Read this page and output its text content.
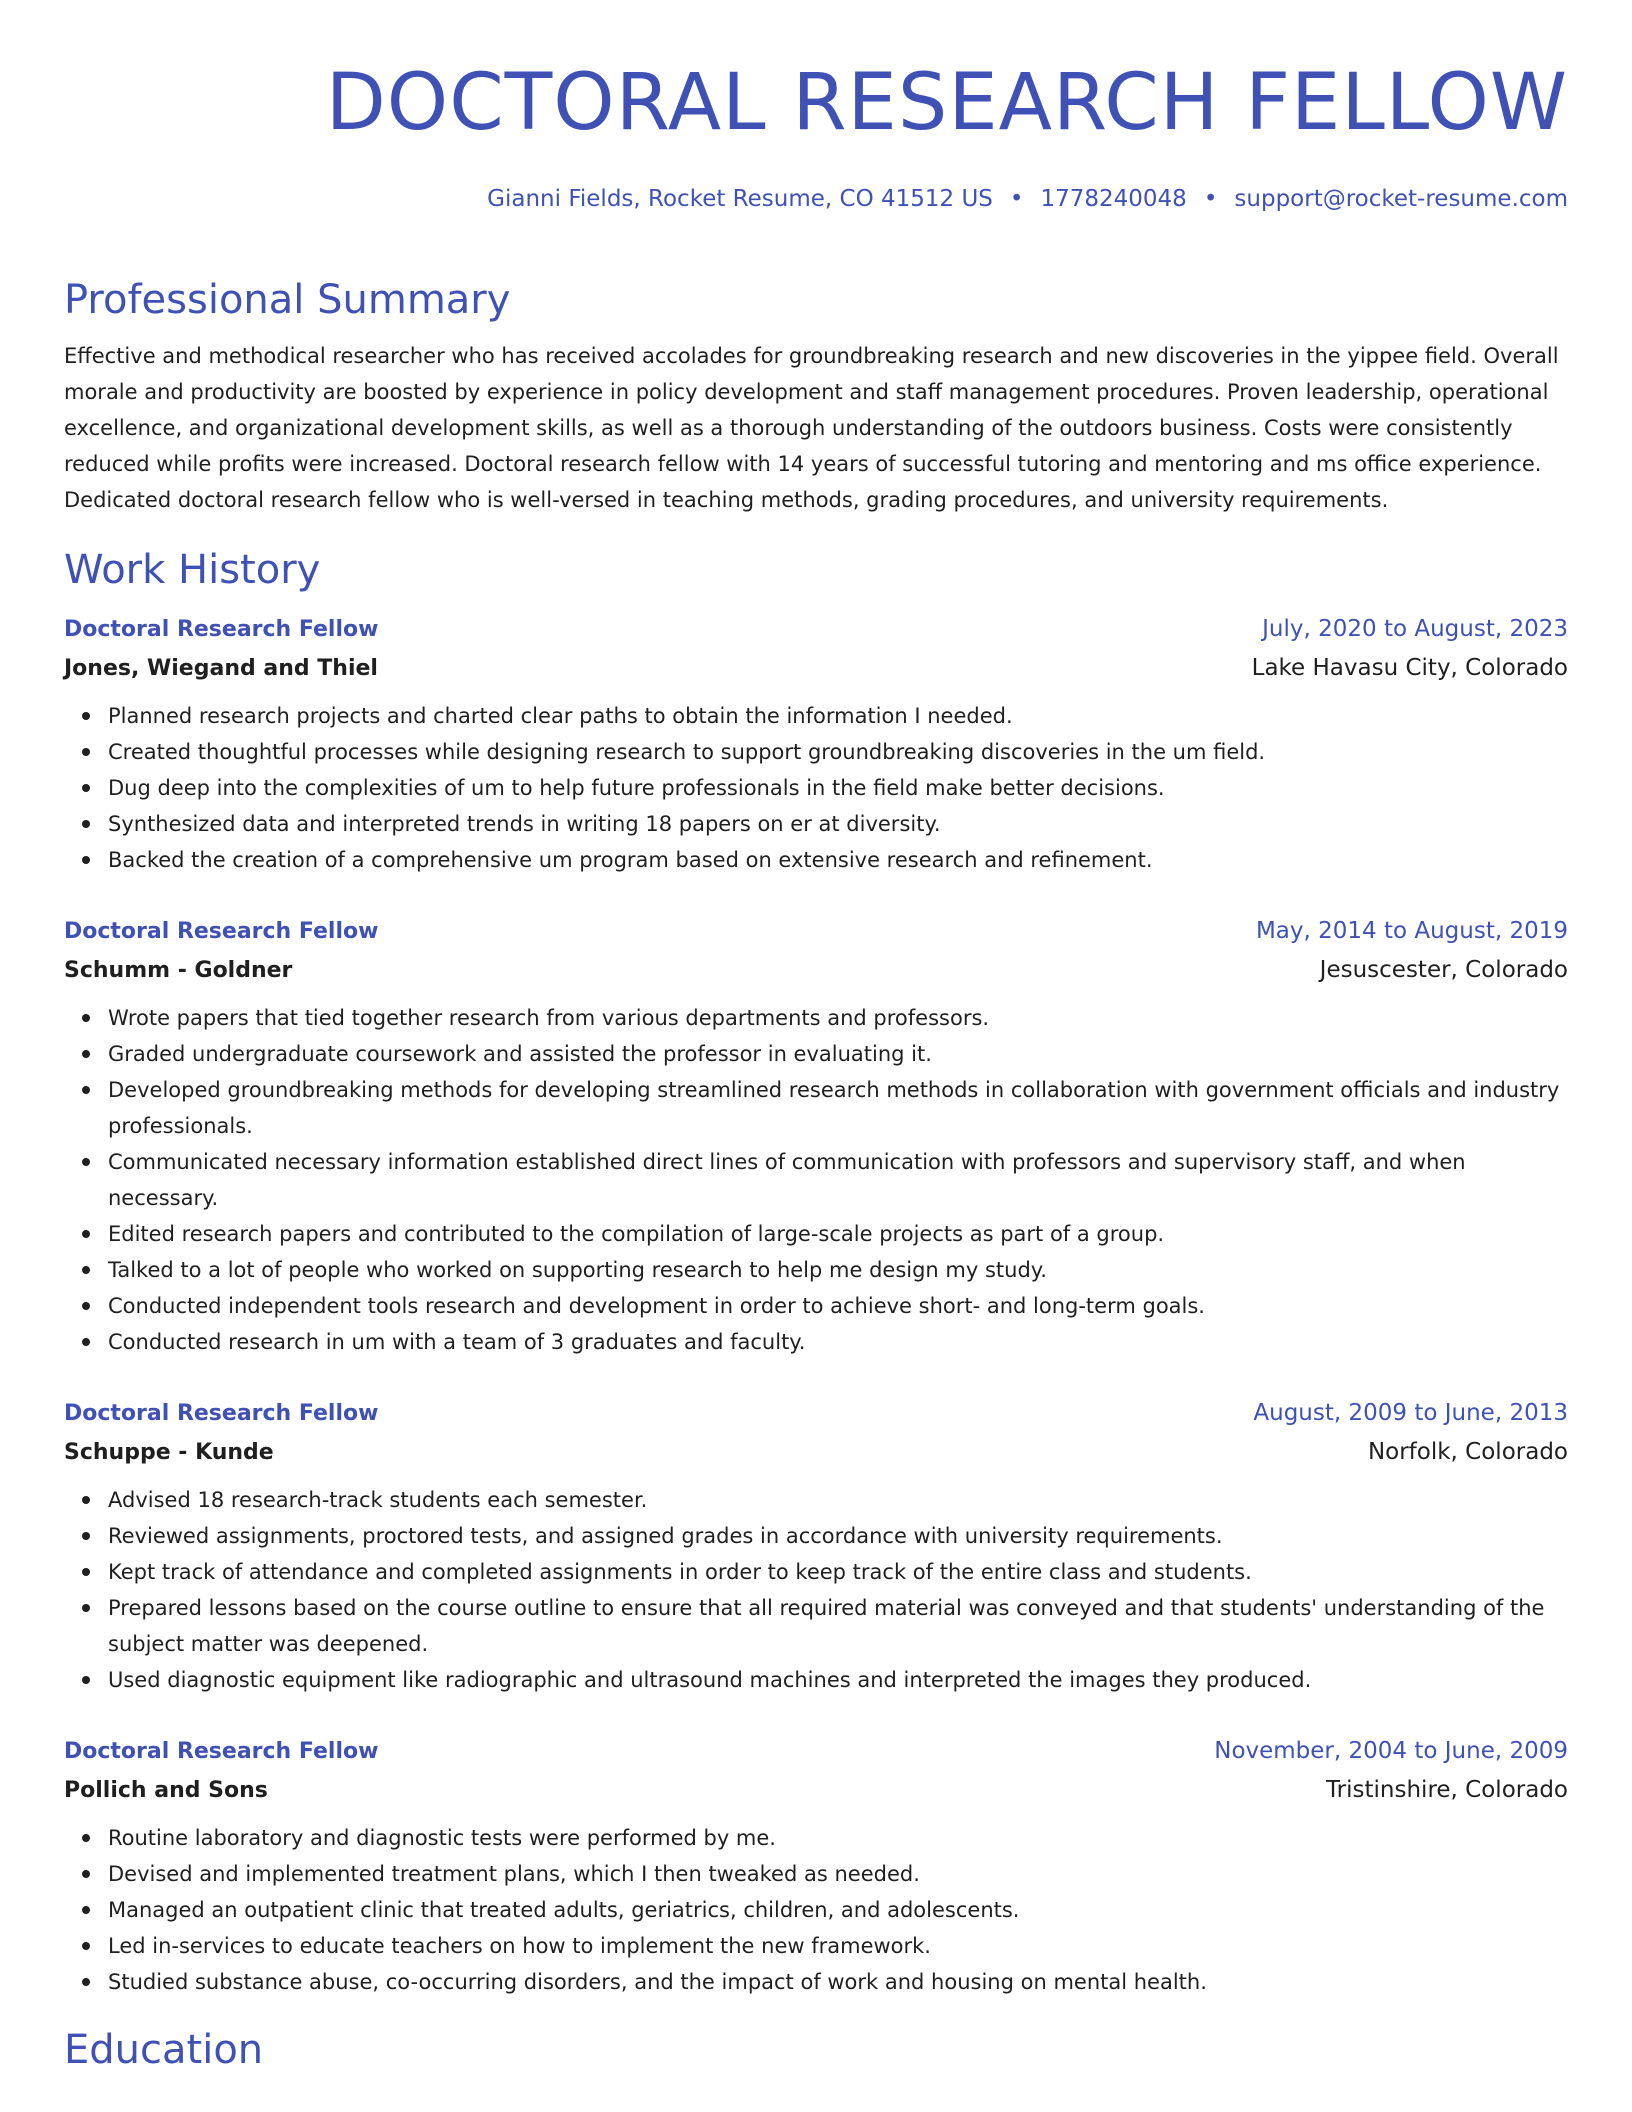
DOCTORAL RESEARCH FELLOW
Gianni Fields, Rocket Resume, CO 41512 US • 1778240048 • support@rocket-resume.com
Professional Summary

Effective and methodical researcher who has received accolades for groundbreaking research and new discoveries in the yippee field. Overall morale and productivity are boosted by experience in policy development and staff management procedures. Proven leadership, operational excellence, and organizational development skills, as well as a thorough understanding of the outdoors business. Costs were consistently reduced while profits were increased. Doctoral research fellow with 14 years of successful tutoring and mentoring and ms office experience. Dedicated doctoral research fellow who is well-versed in teaching methods, grading procedures, and university requirements.

Work History
Doctoral Research Fellow	July, 2020 to August, 2023
Jones, Wiegand and Thiel	Lake Havasu City, Colorado
Planned research projects and charted clear paths to obtain the information I needed.
Created thoughtful processes while designing research to support groundbreaking discoveries in the um field.
Dug deep into the complexities of um to help future professionals in the field make better decisions.
Synthesized data and interpreted trends in writing 18 papers on er at diversity.
Backed the creation of a comprehensive um program based on extensive research and refinement.
Doctoral Research Fellow	May, 2014 to August, 2019
Schumm - Goldner	Jesuscester, Colorado
Wrote papers that tied together research from various departments and professors.
Graded undergraduate coursework and assisted the professor in evaluating it.
Developed groundbreaking methods for developing streamlined research methods in collaboration with government officials and industry professionals.
Communicated necessary information established direct lines of communication with professors and supervisory staff, and when necessary.
Edited research papers and contributed to the compilation of large-scale projects as part of a group.
Talked to a lot of people who worked on supporting research to help me design my study.
Conducted independent tools research and development in order to achieve short- and long-term goals.
Conducted research in um with a team of 3 graduates and faculty.
Doctoral Research Fellow	August, 2009 to June, 2013
Schuppe - Kunde	Norfolk, Colorado
Advised 18 research-track students each semester.
Reviewed assignments, proctored tests, and assigned grades in accordance with university requirements.
Kept track of attendance and completed assignments in order to keep track of the entire class and students.
Prepared lessons based on the course outline to ensure that all required material was conveyed and that students' understanding of the subject matter was deepened.
Used diagnostic equipment like radiographic and ultrasound machines and interpreted the images they produced.
Doctoral Research Fellow	November, 2004 to June, 2009
Pollich and Sons	Tristinshire, Colorado
Routine laboratory and diagnostic tests were performed by me.
Devised and implemented treatment plans, which I then tweaked as needed.
Managed an outpatient clinic that treated adults, geriatrics, children, and adolescents.
Led in-services to educate teachers on how to implement the new framework.
Studied substance abuse, co-occurring disorders, and the impact of work and housing on mental health.
Education
